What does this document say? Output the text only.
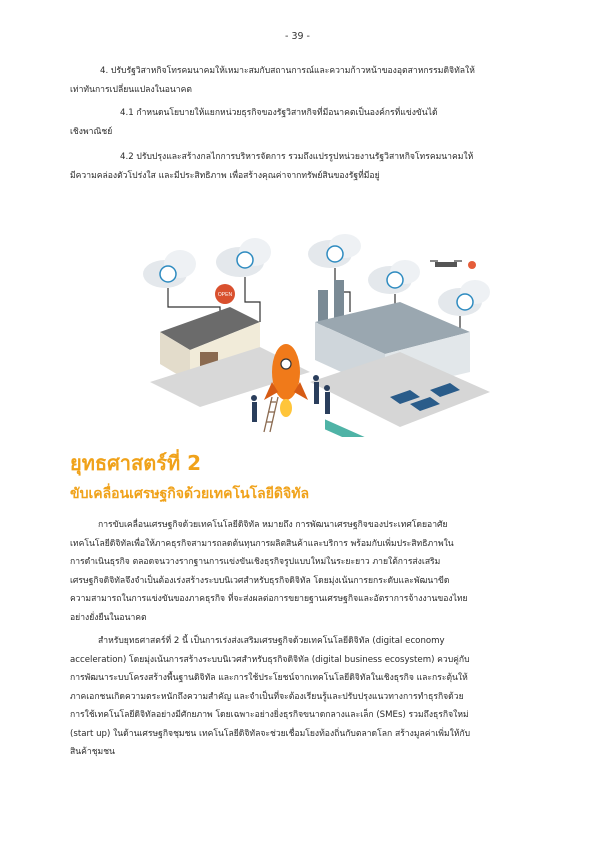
- 39 -
4. ปรับรัฐวิสาหกิจโทรคมนาคมให้เหมาะสมกับสถานการณ์และความก้าวหน้าของอุตสาหกรรมดิจิทัลให้
เท่าทันการเปลี่ยนแปลงในอนาคต
4.1 กำหนดนโยบายให้แยกหน่วยธุรกิจของรัฐวิสาหกิจที่มีอนาคตเป็นองค์กรที่แข่งขันได้
เชิงพาณิชย์
4.2 ปรับปรุงและสร้างกลไกการบริหารจัดการ รวมถึงแปรรูปหน่วยงานรัฐวิสาหกิจโทรคมนาคมให้
มีความคล่องตัวโปร่งใส และมีประสิทธิภาพ เพื่อสร้างคุณค่าจากทรัพย์สินของรัฐที่มีอยู่
OPEN
ยุทธศาสตร์ที่ 2
ขับเคลื่อนเศรษฐกิจด้วยเทคโนโลยีดิจิทัล
การขับเคลื่อนเศรษฐกิจด้วยเทคโนโลยีดิจิทัล หมายถึง การพัฒนาเศรษฐกิจของประเทศโดยอาศัย
เทคโนโลยีดิจิทัลเพื่อให้ภาคธุรกิจสามารถลดต้นทุนการผลิตสินค้าและบริการ พร้อมกับเพิ่มประสิทธิภาพใน
การดำเนินธุรกิจ ตลอดจนวางรากฐานการแข่งขันเชิงธุรกิจรูปแบบใหม่ในระยะยาว ภายใต้การส่งเสริม
เศรษฐกิจดิจิทัลจึงจำเป็นต้องเร่งสร้างระบบนิเวศสำหรับธุรกิจดิจิทัล โดยมุ่งเน้นการยกระดับและพัฒนาขีด
ความสามารถในการแข่งขันของภาคธุรกิจ ที่จะส่งผลต่อการขยายฐานเศรษฐกิจและอัตราการจ้างงานของไทย
อย่างยั่งยืนในอนาคต
สำหรับยุทธศาสตร์ที่ 2 นี้ เป็นการเร่งส่งเสริมเศรษฐกิจด้วยเทคโนโลยีดิจิทัล (digital economy
acceleration) โดยมุ่งเน้นการสร้างระบบนิเวศสำหรับธุรกิจดิจิทัล (digital business ecosystem) ควบคู่กับ
การพัฒนาระบบโครงสร้างพื้นฐานดิจิทัล และการใช้ประโยชน์จากเทคโนโลยีดิจิทัลในเชิงธุรกิจ และกระตุ้นให้
ภาคเอกชนเกิดความตระหนักถึงความสำคัญ และจำเป็นที่จะต้องเรียนรู้และปรับปรุงแนวทางการทำธุรกิจด้วย
การใช้เทคโนโลยีดิจิทัลอย่างมีศักยภาพ โดยเฉพาะอย่างยิ่งธุรกิจขนาดกลางและเล็ก (SMEs) รวมถึงธุรกิจใหม่
(start up) ในด้านเศรษฐกิจชุมชน เทคโนโลยีดิจิทัลจะช่วยเชื่อมโยงท้องถิ่นกับตลาดโลก สร้างมูลค่าเพิ่มให้กับ
สินค้าชุมชน
